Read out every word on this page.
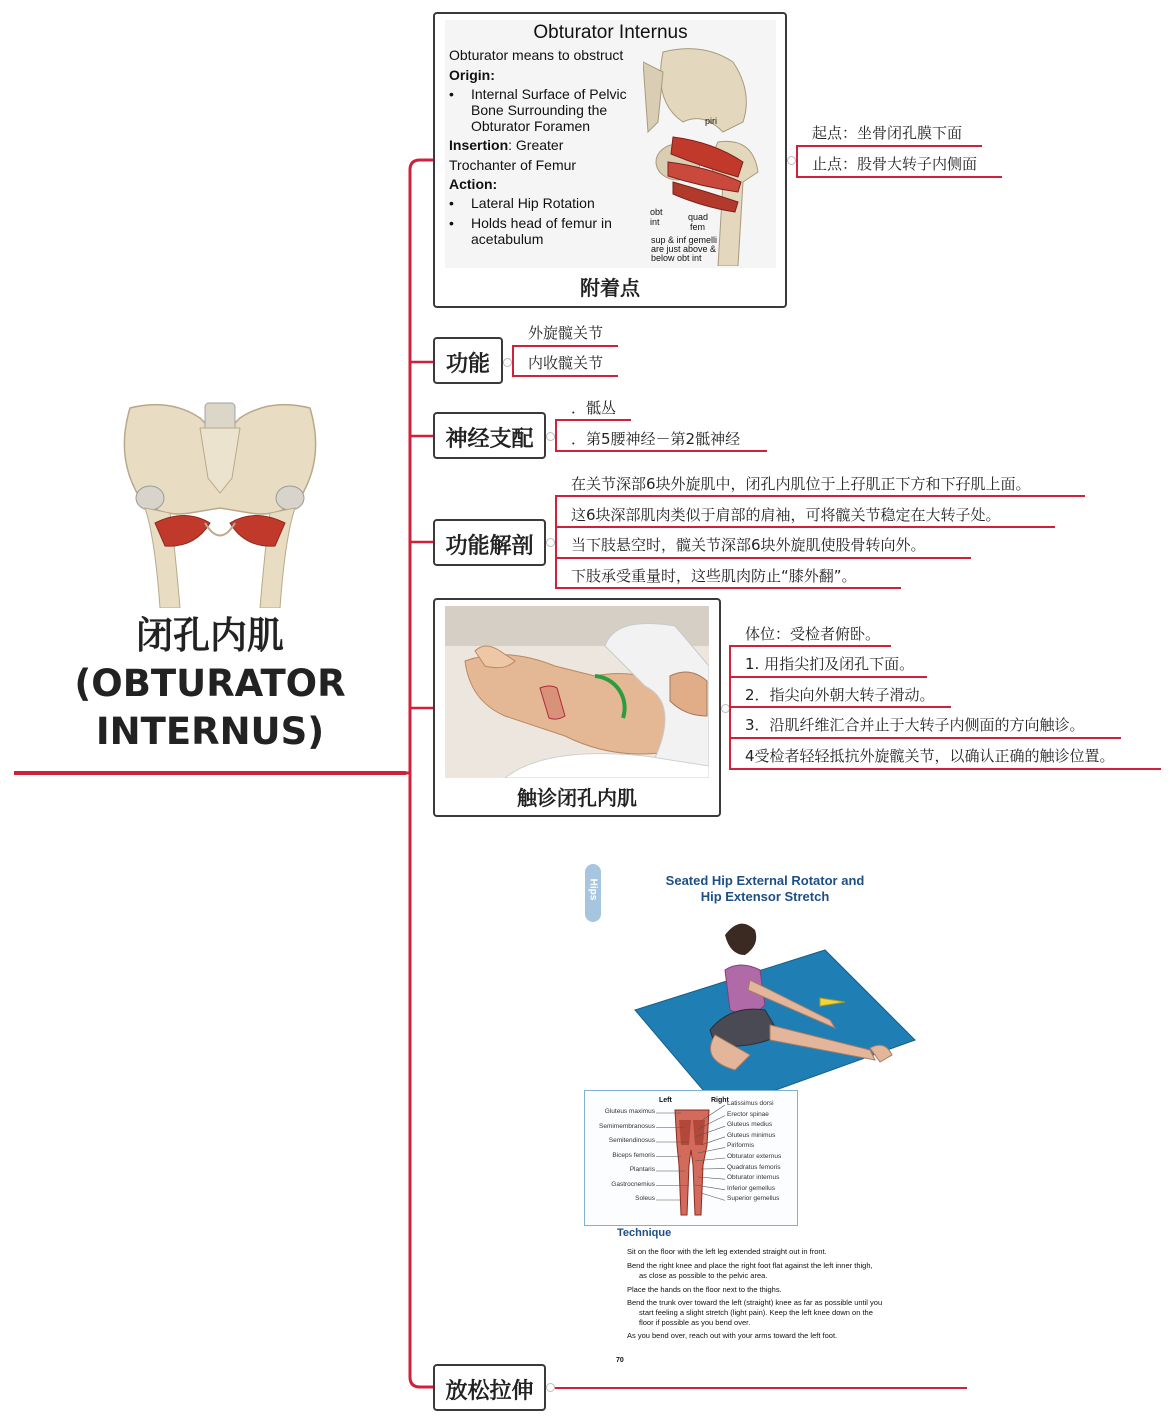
闭孔内肌
(OBTURATOR
INTERNUS)
Obturator Internus
Obturator means to obstruct
Origin:
• Internal Surface of Pelvic
Bone Surrounding the
Obturator Foramen
Insertion: Greater
Trochanter of Femur
Action:
• Lateral Hip Rotation
• Holds head of femur in
acetabulum
piri
obt
int	quad
fem
sup & inf gemelli
are just above &
below obt int
附着点
起点：坐骨闭孔膜下面
止点：股骨大转子内侧面
功能
外旋髋关节
内收髋关节
神经支配
．骶丛
．第5腰神经－第2骶神经
功能解剖
在关节深部6块外旋肌中，闭孔内肌位于上孖肌正下方和下孖肌上面。
这6块深部肌肉类似于肩部的肩袖，可将髋关节稳定在大转子处。
当下肢悬空时，髋关节深部6块外旋肌使股骨转向外。
下肢承受重量时，这些肌肉防止“膝外翻”。
触诊闭孔内肌
体位：受检者俯卧。
1. 用指尖扪及闭孔下面。
2．指尖向外朝大转子滑动。
3．沿肌纤维汇合并止于大转子内侧面的方向触诊。
4受检者轻轻抵抗外旋髋关节，以确认正确的触诊位置。
Hips	Seated Hip External Rotator and
Hip Extensor Stretch
Left	Right
Gluteus maximus
Semimembranosus
Semitendinosus
Biceps femoris
Plantaris
Gastrocnemius
Soleus
Latissimus dorsi
Erector spinae
Gluteus medius
Gluteus minimus
Piriformis
Obturator externus
Quadratus femoris
Obturator internus
Inferior gemellus
Superior gemellus
Technique
Sit on the floor with the left leg extended straight out in front.
Bend the right knee and place the right foot flat against the left inner thigh,
as close as possible to the pelvic area.
Place the hands on the floor next to the thighs.
Bend the trunk over toward the left (straight) knee as far as possible until you
start feeling a slight stretch (light pain). Keep the left knee down on the
floor if possible as you bend over.
As you bend over, reach out with your arms toward the left foot.
70
放松拉伸
